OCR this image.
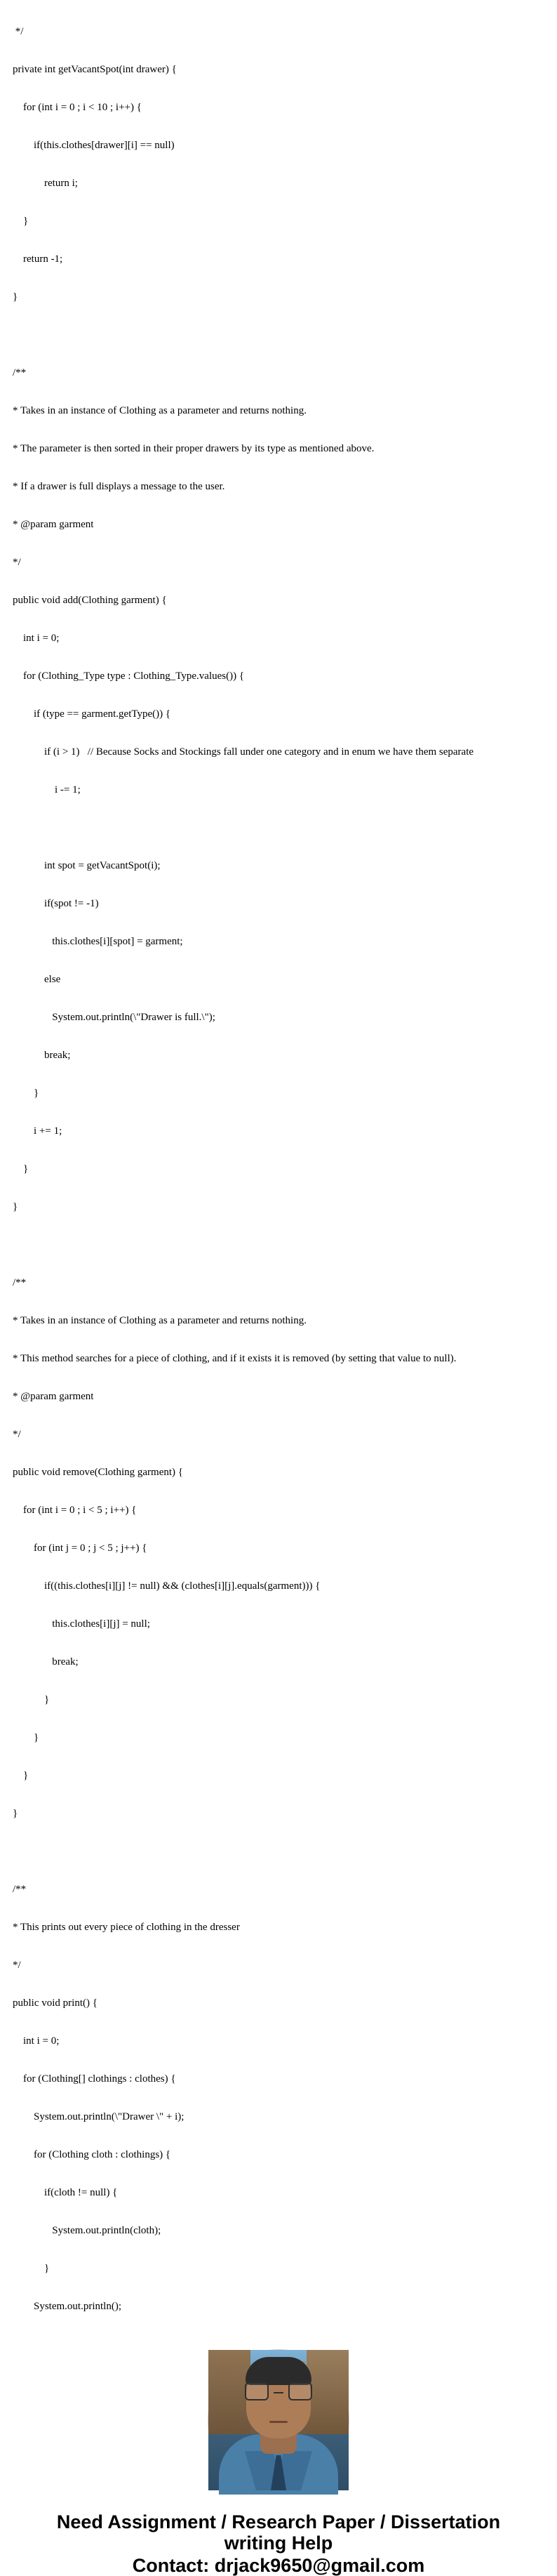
*/

private int getVacantSpot(int drawer) {

for (int i = 0 ; i < 10 ; i++) {

if(this.clothes[drawer][i] == null)

return i;

}

return -1;

}

/**

* Takes in an instance of Clothing as a parameter and returns nothing.

* The parameter is then sorted in their proper drawers by its type as mentioned above.

* If a drawer is full displays a message to the user.

* @param garment

*/

public void add(Clothing garment) {

int i = 0;

for (Clothing_Type type : Clothing_Type.values()) {

if (type == garment.getType()) {

if (i > 1)   // Because Socks and Stockings fall under one category and in enum we have them separate

i -= 1;

int spot = getVacantSpot(i);

if(spot != -1)

this.clothes[i][spot] = garment;

else

System.out.println(\"Drawer is full.\");

break;

}

i += 1;

}

}

/**

* Takes in an instance of Clothing as a parameter and returns nothing.

* This method searches for a piece of clothing, and if it exists it is removed (by setting that value to null).

* @param garment

*/

public void remove(Clothing garment) {

for (int i = 0 ; i < 5 ; i++) {

for (int j = 0 ; j < 5 ; j++) {

if((this.clothes[i][j] != null) && (clothes[i][j].equals(garment))) {

this.clothes[i][j] = null;

break;

}

}

}

}

/**

* This prints out every piece of clothing in the dresser

*/

public void print() {

int i = 0;

for (Clothing[] clothings : clothes) {

System.out.println(\"Drawer \" + i);

for (Clothing cloth : clothings) {

if(cloth != null) {

System.out.println(cloth);

}

System.out.println();

Need Assignment / Research Paper / Dissertation
writing Help
Contact: drjack9650@gmail.com
